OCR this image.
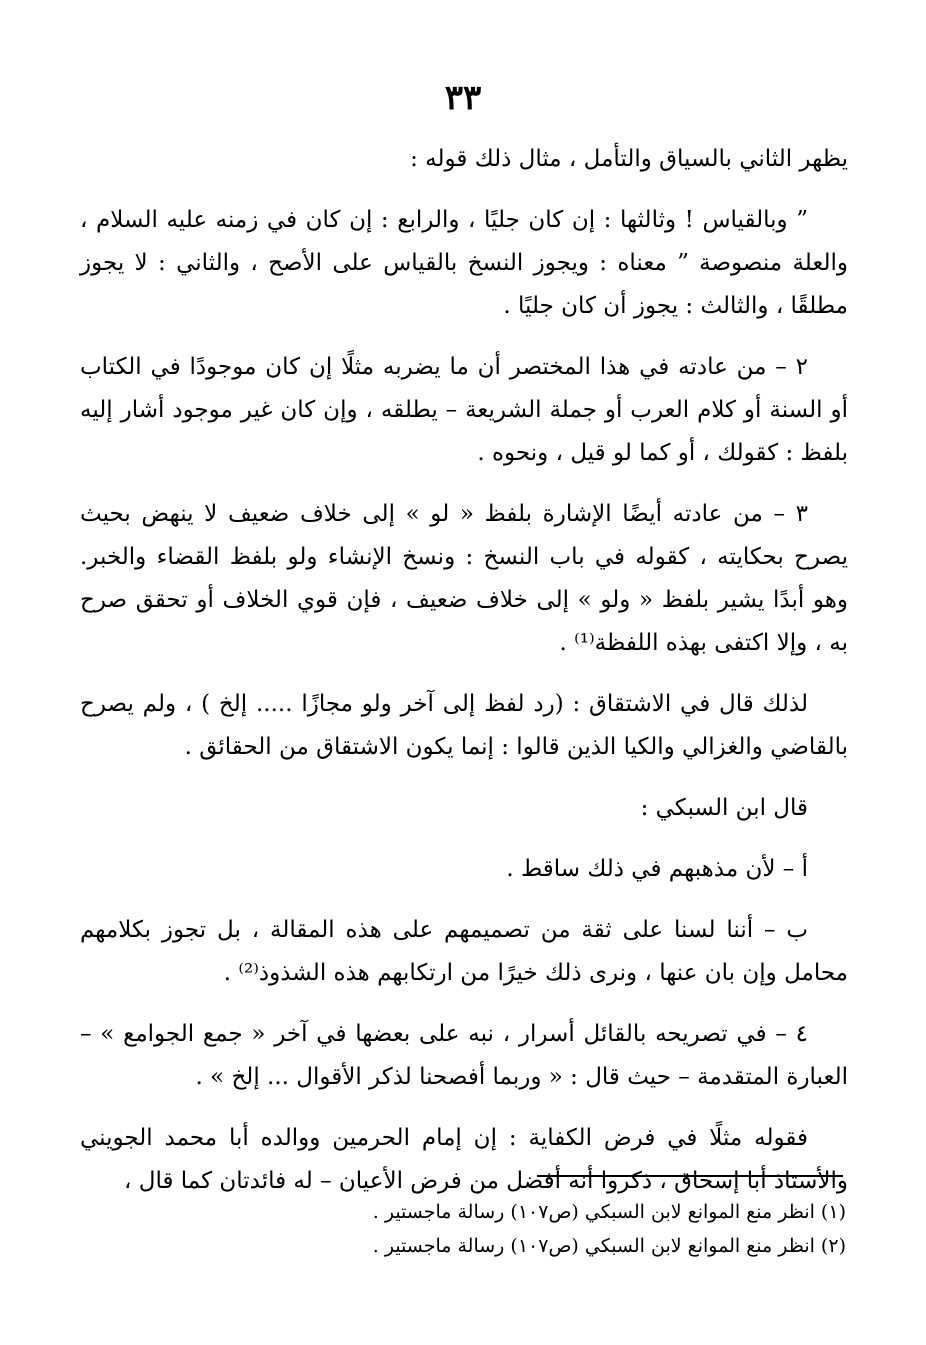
٣٣

يظهر الثاني بالسياق والتأمل ، مثال ذلك قوله :

” وبالقياس ! وثالثها : إن كان جليًا ، والرابع : إن كان في زمنه عليه السلام ، والعلة منصوصة ” معناه : ويجوز النسخ بالقياس على الأصح ، والثاني : لا يجوز مطلقًا ، والثالث : يجوز أن كان جليًا .

٢ – من عادته في هذا المختصر أن ما يضربه مثلًا إن كان موجودًا في الكتاب أو السنة أو كلام العرب أو جملة الشريعة – يطلقه ، وإن كان غير موجود أشار إليه بلفظ : كقولك ، أو كما لو قيل ، ونحوه .

٣ – من عادته أيضًا الإشارة بلفظ « لو » إلى خلاف ضعيف لا ينهض بحيث يصرح بحكايته ، كقوله في باب النسخ : ونسخ الإنشاء ولو بلفظ القضاء والخبر. وهو أبدًا يشير بلفظ « ولو » إلى خلاف ضعيف ، فإن قوي الخلاف أو تحقق صرح به ، وإلا اكتفى بهذه اللفظة⁽¹⁾ .

لذلك قال في الاشتقاق : (رد لفظ إلى آخر ولو مجازًا ..... إلخ ) ، ولم يصرح بالقاضي والغزالي والكيا الذين قالوا : إنما يكون الاشتقاق من الحقائق .

قال ابن السبكي :

أ – لأن مذهبهم في ذلك ساقط .

ب – أننا لسنا على ثقة من تصميمهم على هذه المقالة ، بل تجوز بكلامهم محامل وإن بان عنها ، ونرى ذلك خيرًا من ارتكابهم هذه الشذوذ⁽²⁾ .

٤ – في تصريحه بالقائل أسرار ، نبه على بعضها في آخر « جمع الجوامع » – العبارة المتقدمة – حيث قال : « وربما أفصحنا لذكر الأقوال ... إلخ » .

فقوله مثلًا في فرض الكفاية : إن إمام الحرمين ووالده أبا محمد الجويني والأستاذ أبا إسحاق ، ذكروا أنه أفضل من فرض الأعيان – له فائدتان كما قال ،

(١) انظر منع الموانع لابن السبكي (ص١٠٧) رسالة ماجستير .

(٢) انظر منع الموانع لابن السبكي (ص١٠٧) رسالة ماجستير .
